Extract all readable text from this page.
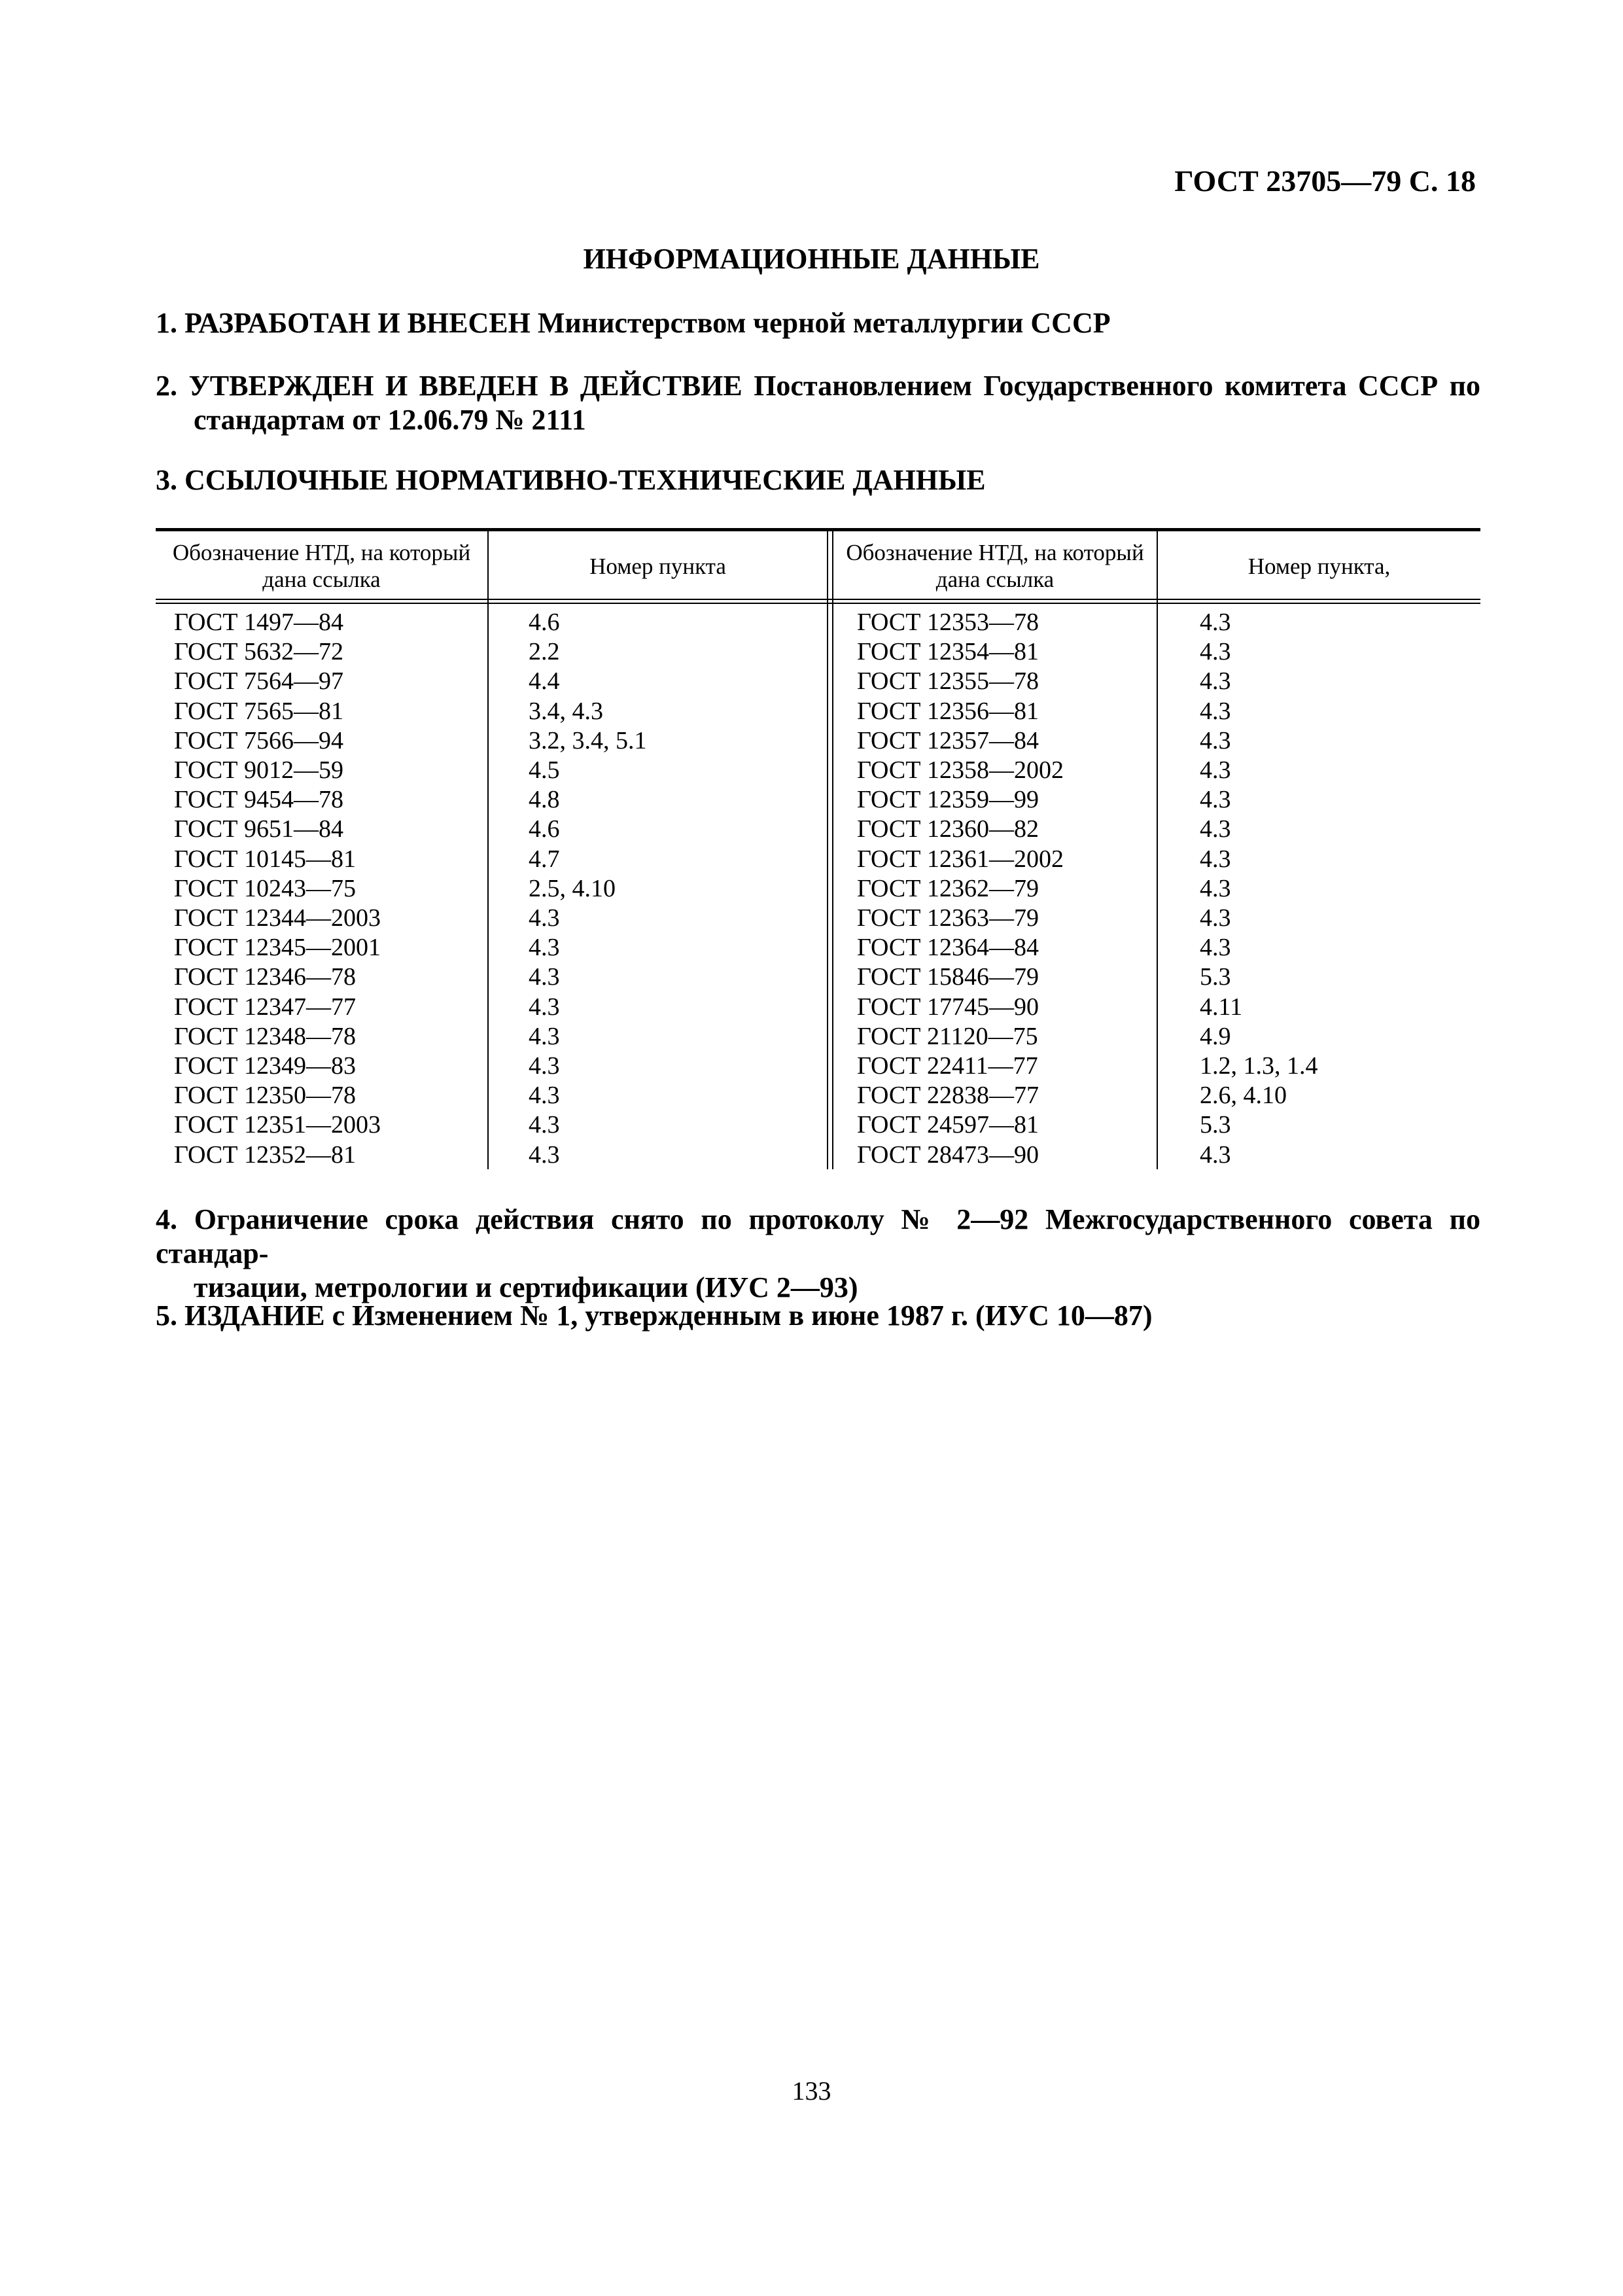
ГОСТ 23705—79 С. 18
ИНФОРМАЦИОННЫЕ ДАННЫЕ
1. РАЗРАБОТАН И ВНЕСЕН Министерством черной металлургии СССР
2. УТВЕРЖДЕН И ВВЕДЕН В ДЕЙСТВИЕ Постановлением Государственного комитета СССР по
стандартам от 12.06.79 № 2111
3. ССЫЛОЧНЫЕ НОРМАТИВНО-ТЕХНИЧЕСКИЕ ДАННЫЕ
Обозначение НТД, на который дана ссылка
Номер пункта
Обозначение НТД, на который дана ссылка
Номер пункта,
ГОСТ 1497—84
ГОСТ 5632—72
ГОСТ 7564—97
ГОСТ 7565—81
ГОСТ 7566—94
ГОСТ 9012—59
ГОСТ 9454—78
ГОСТ 9651—84
ГОСТ 10145—81
ГОСТ 10243—75
ГОСТ 12344—2003
ГОСТ 12345—2001
ГОСТ 12346—78
ГОСТ 12347—77
ГОСТ 12348—78
ГОСТ 12349—83
ГОСТ 12350—78
ГОСТ 12351—2003
ГОСТ 12352—81
4.6
2.2
4.4
3.4, 4.3
3.2, 3.4, 5.1
4.5
4.8
4.6
4.7
2.5, 4.10
4.3
4.3
4.3
4.3
4.3
4.3
4.3
4.3
4.3
ГОСТ 12353—78
ГОСТ 12354—81
ГОСТ 12355—78
ГОСТ 12356—81
ГОСТ 12357—84
ГОСТ 12358—2002
ГОСТ 12359—99
ГОСТ 12360—82
ГОСТ 12361—2002
ГОСТ 12362—79
ГОСТ 12363—79
ГОСТ 12364—84
ГОСТ 15846—79
ГОСТ 17745—90
ГОСТ 21120—75
ГОСТ 22411—77
ГОСТ 22838—77
ГОСТ 24597—81
ГОСТ 28473—90
4.3
4.3
4.3
4.3
4.3
4.3
4.3
4.3
4.3
4.3
4.3
4.3
5.3
4.11
4.9
1.2, 1.3, 1.4
2.6, 4.10
5.3
4.3
4. Ограничение срока действия снято по протоколу № 2—92 Межгосударственного совета по стандар-
тизации, метрологии и сертификации (ИУС 2—93)
5. ИЗДАНИЕ с Изменением № 1, утвержденным в июне 1987 г. (ИУС 10—87)
133
